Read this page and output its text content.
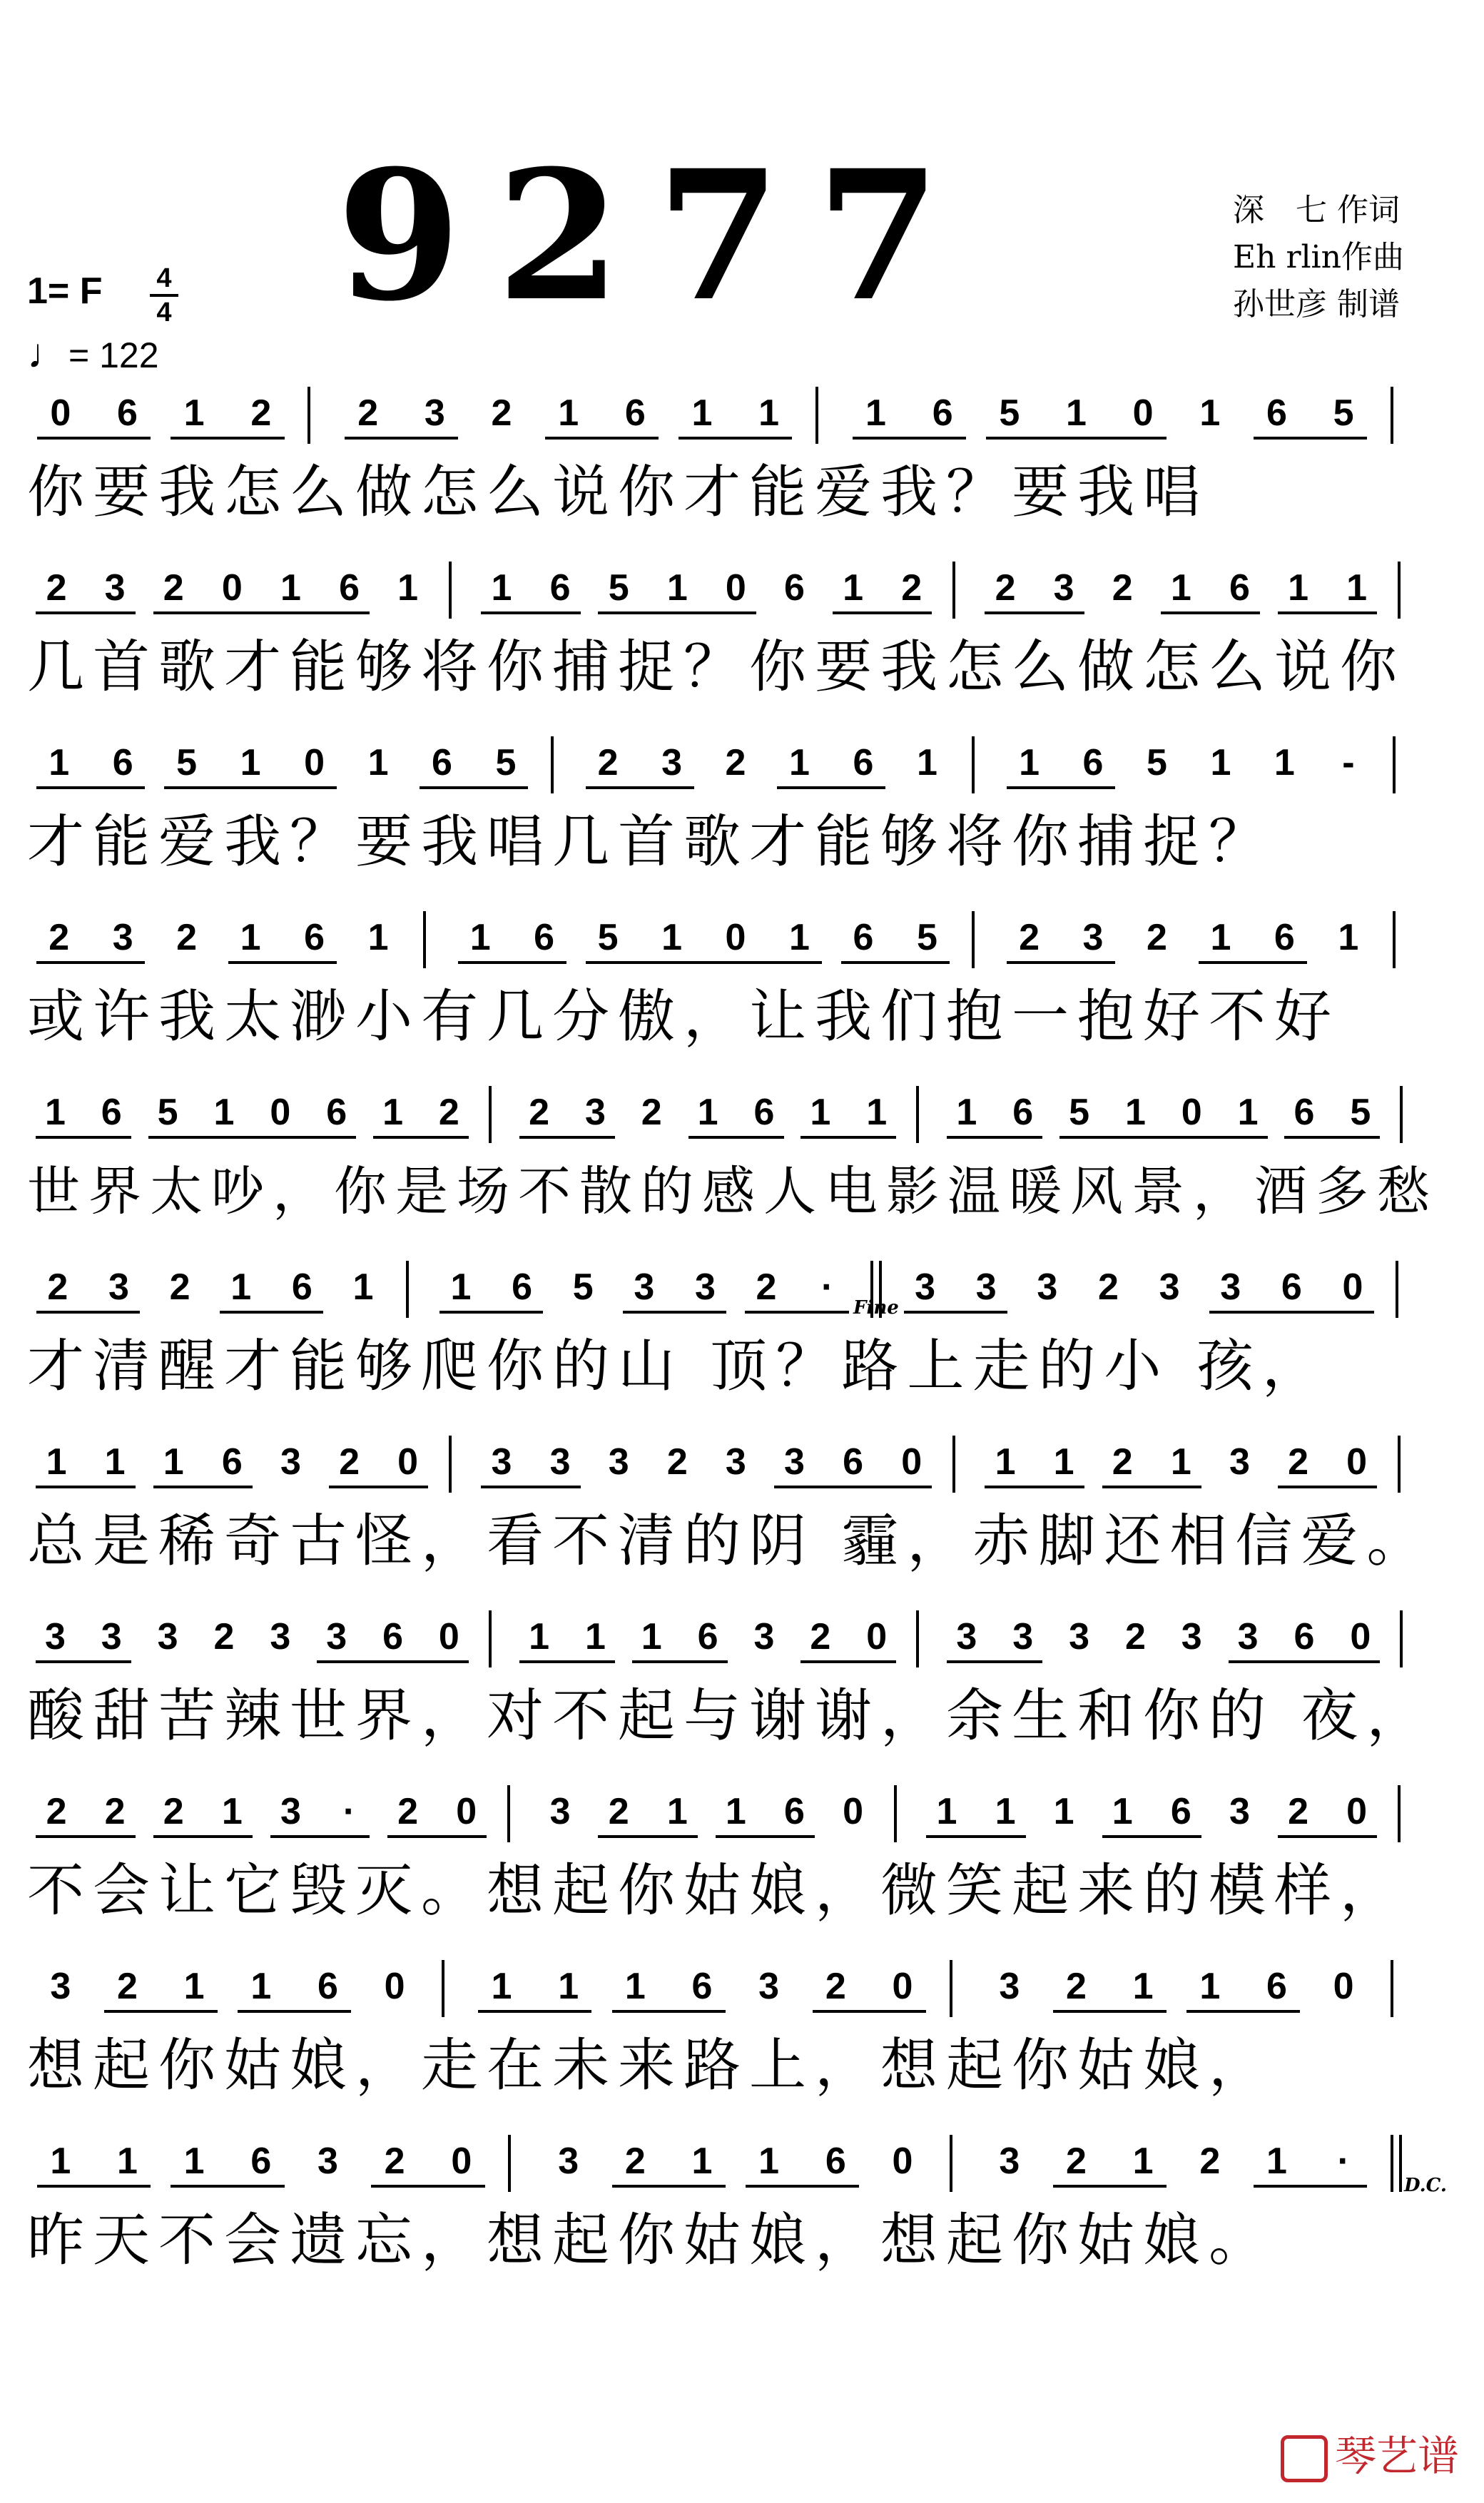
9277	深　七 作词
Eh rlin作曲
孙世彦 制谱
1= F	4
4
♩= 122
0 6 1 2 2 3 2 1 6 1 1 1 6 5 1 0 1 6 5
你要我怎么做怎么说你才能爱我？要我唱
2 3 2 0 1 6 1 1 6 5 1 0 6 1 2 2 3 2 1 6 1 1
几首歌才能够将你捕捉？你要我怎么做怎么说你
1 6 5 1 0 1 6 5 2 3 2 1 6 1 1 6 5 1 1 -
才能爱我？要我唱几首歌才能够将你捕捉？
2 3 2 1 6 1 1 6 5 1 0 1 6 5 2 3 2 1 6 1
或许我太渺小有几分傲，让我们抱一抱好不好
1 6 5 1 0 6 1 2 2 3 2 1 6 1 1 1 6 5 1 0 1 6 5
世界太吵，你是场不散的感人电影温暖风景，酒多愁
2 3 2 1 6 1 1 6 5 3 3 2 · 3 3 3 2 3 3 6 0
才清醒才能够爬你的山 顶？路上走的小 孩，
1 1 1 6 3 2 0 3 3 3 2 3 3 6 0 1 1 2 1 3 2 0
总是稀奇古怪，看不清的阴 霾，赤脚还相信爱。
3 3 3 2 3 3 6 0 1 1 1 6 3 2 0 3 3 3 2 3 3 6 0
酸甜苦辣世界，对不起与谢谢，余生和你的 夜，
2 2 2 1 3 · 2 0 3 2 1 1 6 0 1 1 1 1 6 3 2 0
不会让它毁灭。想起你姑娘，微笑起来的模样，
3 2 1 1 6 0 1 1 1 6 3 2 0 3 2 1 1 6 0
想起你姑娘，走在未来路上，想起你姑娘，
1 1 1 6 3 2 0 3 2 1 1 6 0 3 2 1 2 1 ·
昨天不会遗忘，想起你姑娘，想起你姑娘。
Fine
D.C.
琴艺谱
